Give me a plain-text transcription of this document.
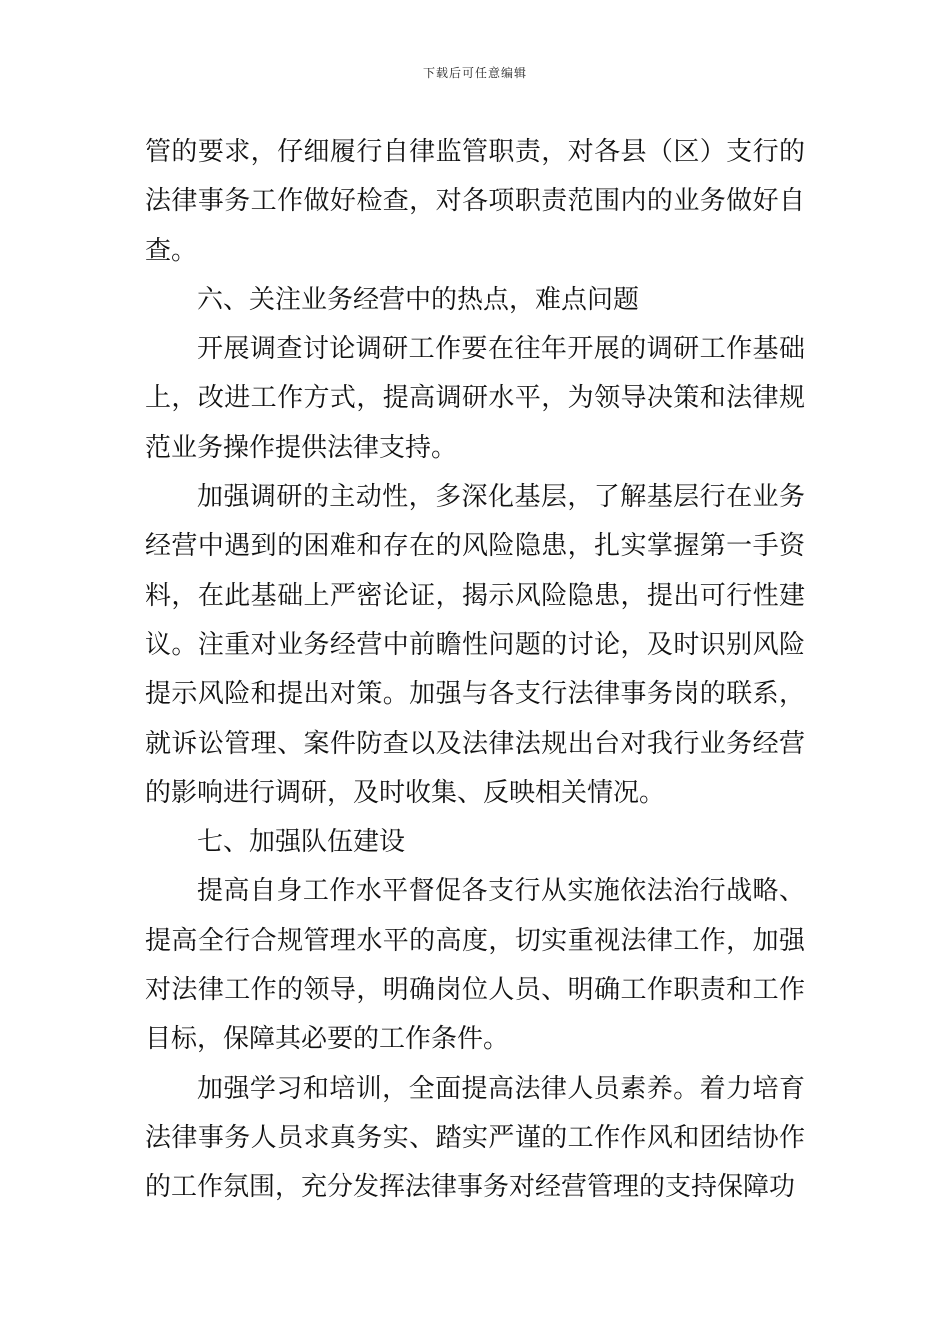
下载后可任意编辑

管的要求，仔细履行自律监管职责，对各县（区）支行的法律事务工作做好检查，对各项职责范围内的业务做好自查。

六、关注业务经营中的热点，难点问题

开展调查讨论调研工作要在往年开展的调研工作基础上，改进工作方式，提高调研水平，为领导决策和法律规范业务操作提供法律支持。

加强调研的主动性，多深化基层，了解基层行在业务经营中遇到的困难和存在的风险隐患，扎实掌握第一手资料，在此基础上严密论证，揭示风险隐患，提出可行性建议。注重对业务经营中前瞻性问题的讨论，及时识别风险提示风险和提出对策。加强与各支行法律事务岗的联系，就诉讼管理、案件防查以及法律法规出台对我行业务经营的影响进行调研，及时收集、反映相关情况。

七、加强队伍建设

提高自身工作水平督促各支行从实施依法治行战略、提高全行合规管理水平的高度，切实重视法律工作，加强对法律工作的领导，明确岗位人员、明确工作职责和工作目标，保障其必要的工作条件。

加强学习和培训，全面提高法律人员素养。着力培育法律事务人员求真务实、踏实严谨的工作作风和团结协作的工作氛围，充分发挥法律事务对经营管理的支持保障功
